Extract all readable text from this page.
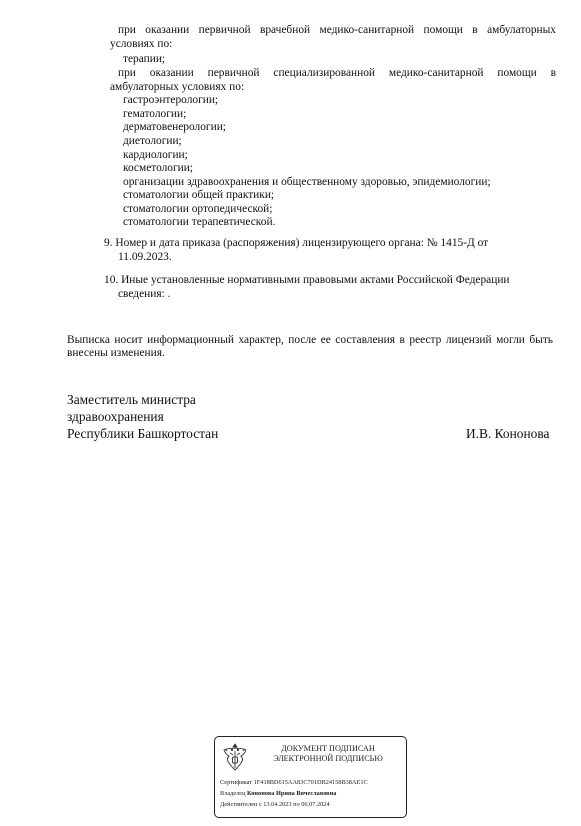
при оказании первичной врачебной медико-санитарной помощи в амбулаторных
условиях по:
терапии;
при оказании первичной специализированной медико-санитарной помощи в
амбулаторных условиях по:
гастроэнтерологии;
гематологии;
дерматовенерологии;
диетологии;
кардиологии;
косметологии;
организации здравоохранения и общественному здоровью, эпидемиологии;
стоматологии общей практики;
стоматологии ортопедической;
стоматологии терапевтической.
9. Номер и дата приказа (распоряжения) лицензирующего органа: № 1415-Д от
11.09.2023.
10. Иные установленные нормативными правовыми актами Российской Федерации
сведения: .
Выписка носит информационный характер, после ее составления в реестр лицензий могли быть
внесены изменения.
Заместитель министра
здравоохранения
Республики Башкортостан	И.В. Кононова
ДОКУМЕНТ ПОДПИСАН
ЭЛЕКТРОННОЙ ПОДПИСЬЮ
Сертификат 1F418BD615AA83C701DB24158B38AE1C
Владелец Кононова Ирина Вячеславовна
Действителен с 13.04.2023 по 06.07.2024
